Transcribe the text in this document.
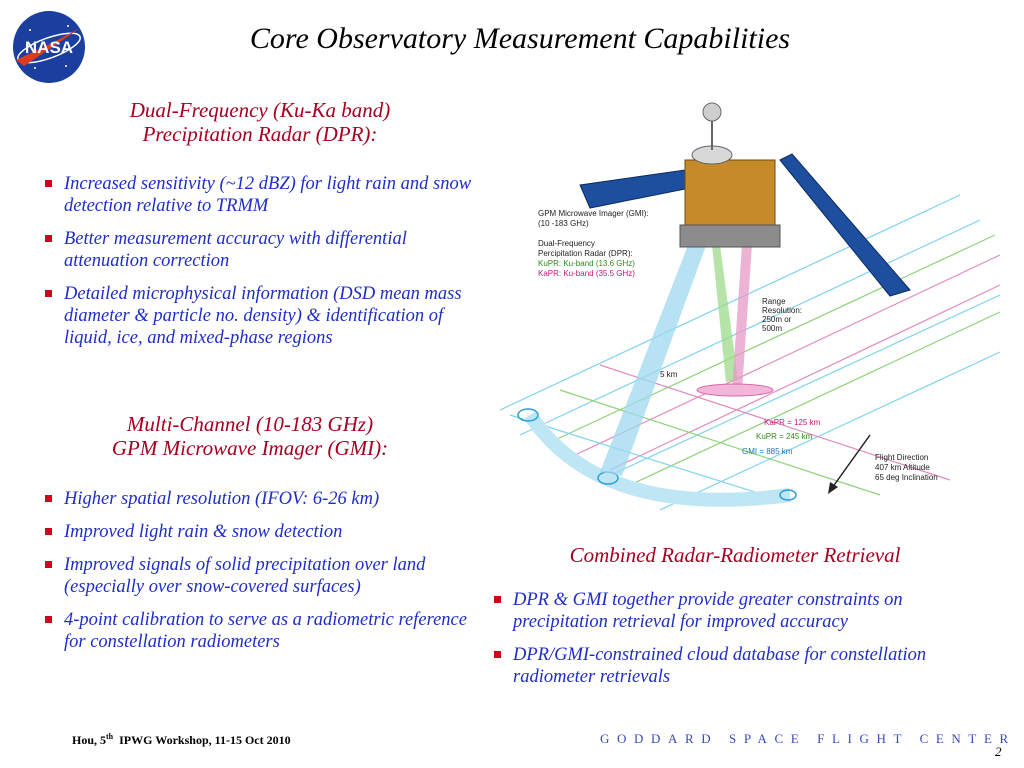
NASA	Core Observatory Measurement Capabilities
Dual-Frequency (Ku-Ka band)
Precipitation Radar (DPR):
Increased sensitivity (~12 dBZ) for light rain and snow detection relative to TRMM
Better measurement accuracy with differential attenuation correction
Detailed microphysical information (DSD mean mass diameter & particle no. density) & identification of liquid, ice, and mixed-phase regions
Multi-Channel (10-183 GHz)
GPM Microwave Imager (GMI):
Higher spatial resolution (IFOV: 6-26 km)
Improved light rain & snow detection
Improved signals of solid precipitation over land (especially over snow-covered surfaces)
4-point calibration to serve as a radiometric reference for constellation radiometers
GPM Microwave Imager (GMI):
(10 -183 GHz)
Dual-Frequency
Percipitation Radar (DPR):
KuPR: Ku-band (13.6 GHz)
KaPR: Ku-band (35.5 GHz)
Range
Resolution:
250m or
500m
5 km
KaPR = 125 km
KuPR = 245 km
GMI = 885 km
Flight Direction
407 km Altitude
65 deg Inclination
Combined Radar-Radiometer Retrieval
DPR & GMI together provide greater constraints on precipitation retrieval for improved accuracy
DPR/GMI-constrained cloud database for constellation radiometer retrievals
Hou, 5th IPWG Workshop, 11-15 Oct 2010	GODDARD SPACE FLIGHT CENTER
2
